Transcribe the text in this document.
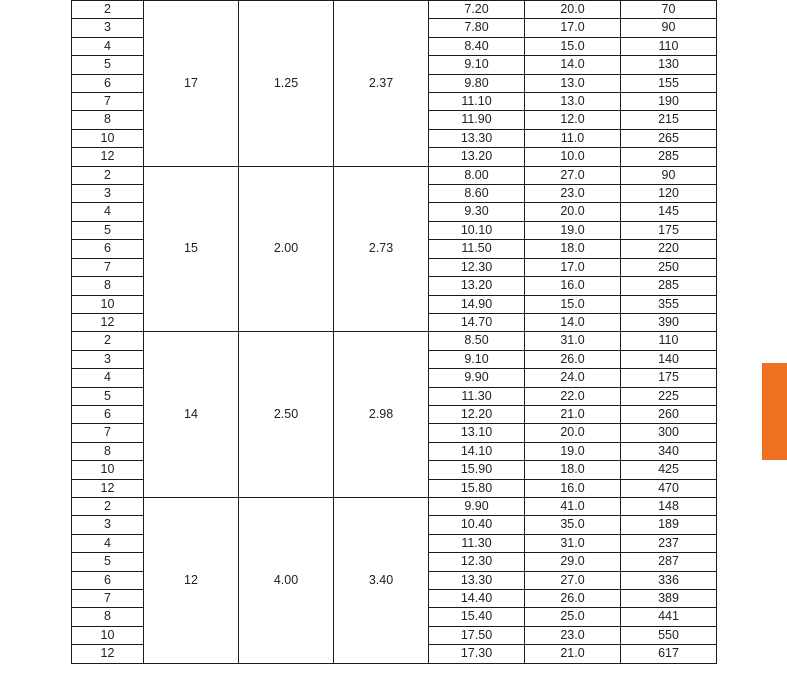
2	17	1.25	2.37	7.20	20.0	70
3				7.80	17.0	90
4				8.40	15.0	110
5				9.10	14.0	130
6				9.80	13.0	155
7				11.10	13.0	190
8				11.90	12.0	215
10				13.30	11.0	265
12				13.20	10.0	285
2	15	2.00	2.73	8.00	27.0	90
3				8.60	23.0	120
4				9.30	20.0	145
5				10.10	19.0	175
6				11.50	18.0	220
7				12.30	17.0	250
8				13.20	16.0	285
10				14.90	15.0	355
12				14.70	14.0	390
2	14	2.50	2.98	8.50	31.0	110
3				9.10	26.0	140
4				9.90	24.0	175
5				11.30	22.0	225
6				12.20	21.0	260
7				13.10	20.0	300
8				14.10	19.0	340
10				15.90	18.0	425
12				15.80	16.0	470
2	12	4.00	3.40	9.90	41.0	148
3				10.40	35.0	189
4				11.30	31.0	237
5				12.30	29.0	287
6				13.30	27.0	336
7				14.40	26.0	389
8				15.40	25.0	441
10				17.50	23.0	550
12				17.30	21.0	617
